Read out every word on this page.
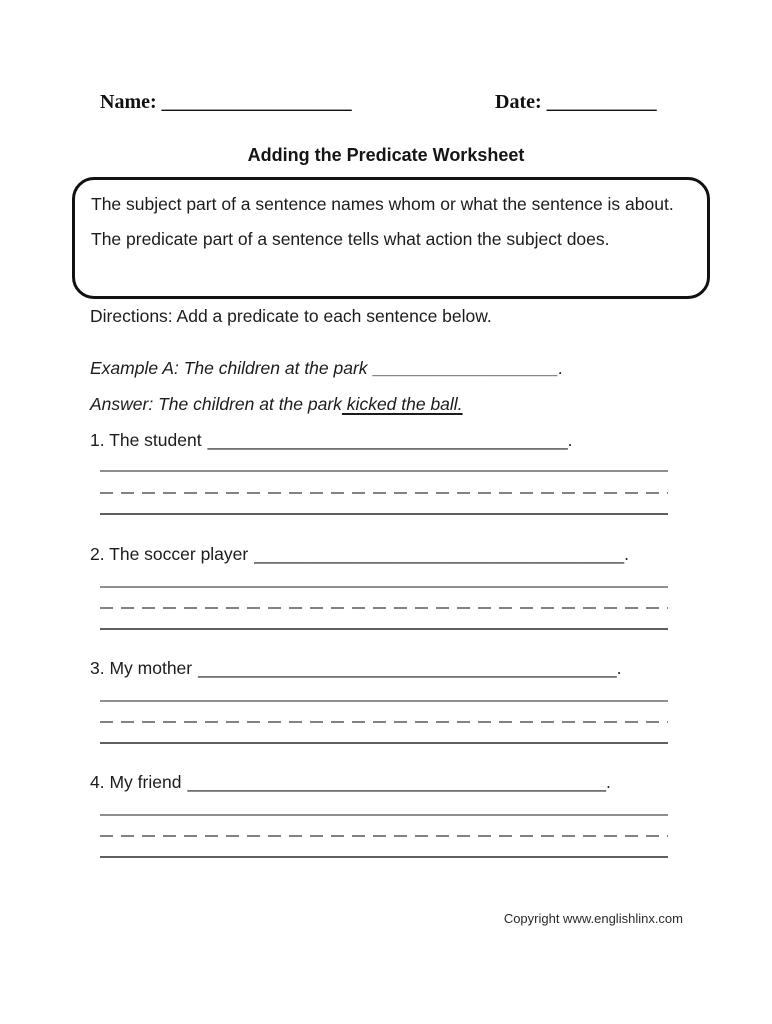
Name: ___________________	Date: ___________
Adding the Predicate Worksheet
The subject part of a sentence names whom or what the sentence is about. The predicate part of a sentence tells what action the subject does.
Directions: Add a predicate to each sentence below.
Example A: The children at the park ___________________.
Answer: The children at the park kicked the ball.
1. The student _____________________________________.
2. The soccer player ______________________________________.
3. My mother ___________________________________________.
4. My friend ___________________________________________.
Copyright www.englishlinx.com
